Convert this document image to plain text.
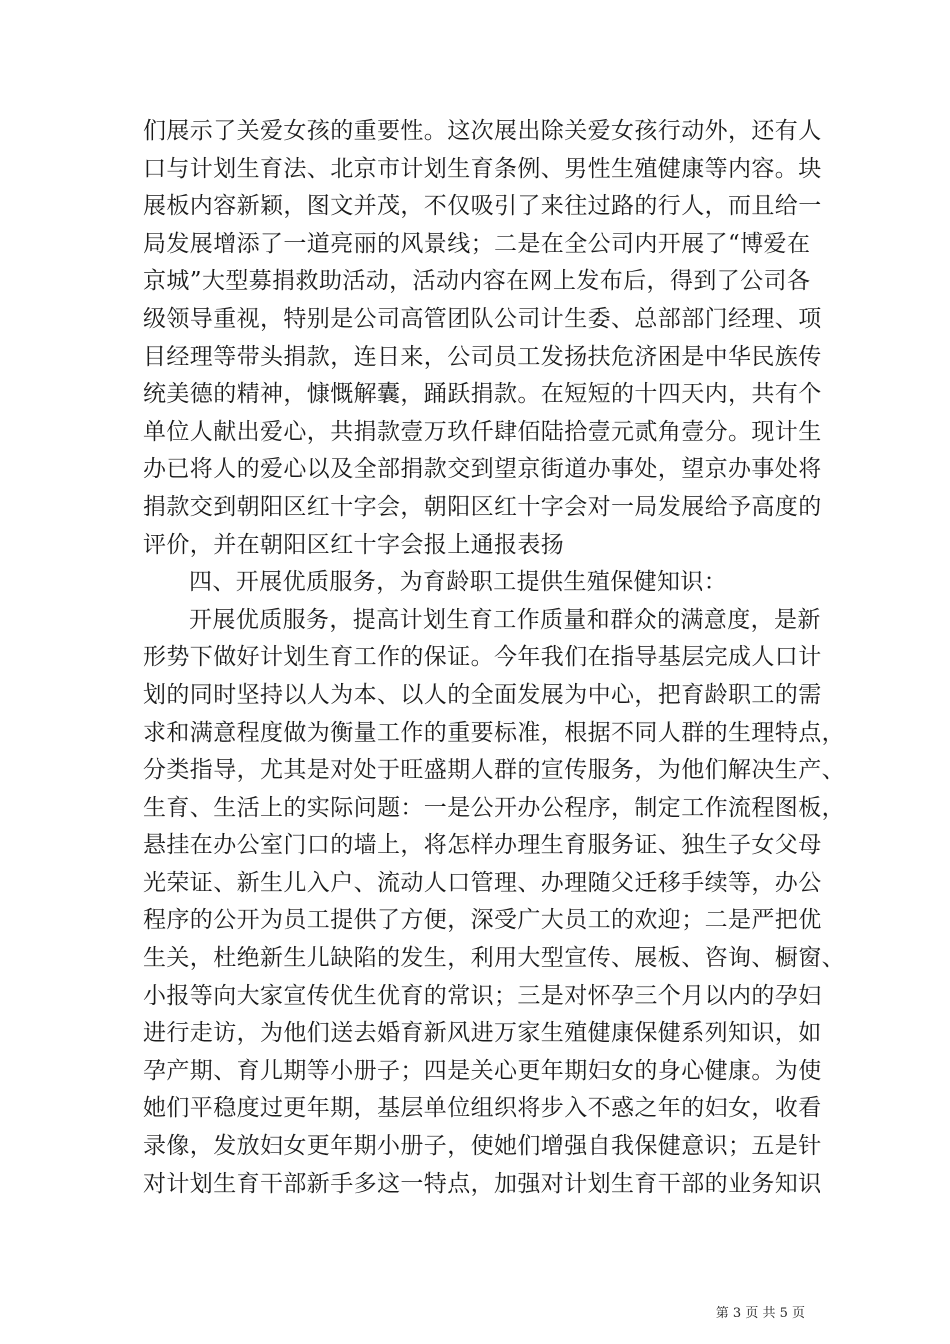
们展示了关爱女孩的重要性。这次展出除关爱女孩行动外，还有人
口与计划生育法、北京市计划生育条例、男性生殖健康等内容。块
展板内容新颖，图文并茂，不仅吸引了来往过路的行人，而且给一
局发展增添了一道亮丽的风景线；二是在全公司内开展了“博爱在
京城”大型募捐救助活动，活动内容在网上发布后，得到了公司各
级领导重视，特别是公司高管团队公司计生委、总部部门经理、项
目经理等带头捐款，连日来，公司员工发扬扶危济困是中华民族传
统美德的精神，慷慨解囊，踊跃捐款。在短短的十四天内，共有个
单位人献出爱心，共捐款壹万玖仟肆佰陆拾壹元贰角壹分。现计生
办已将人的爱心以及全部捐款交到望京街道办事处，望京办事处将
捐款交到朝阳区红十字会，朝阳区红十字会对一局发展给予高度的
评价，并在朝阳区红十字会报上通报表扬
四、开展优质服务，为育龄职工提供生殖保健知识：
开展优质服务，提高计划生育工作质量和群众的满意度，是新
形势下做好计划生育工作的保证。今年我们在指导基层完成人口计
划的同时坚持以人为本、以人的全面发展为中心，把育龄职工的需
求和满意程度做为衡量工作的重要标准，根据不同人群的生理特点，
分类指导，尤其是对处于旺盛期人群的宣传服务，为他们解决生产、
生育、生活上的实际问题：一是公开办公程序，制定工作流程图板，
悬挂在办公室门口的墙上，将怎样办理生育服务证、独生子女父母
光荣证、新生儿入户、流动人口管理、办理随父迁移手续等，办公
程序的公开为员工提供了方便，深受广大员工的欢迎；二是严把优
生关，杜绝新生儿缺陷的发生，利用大型宣传、展板、咨询、橱窗、
小报等向大家宣传优生优育的常识；三是对怀孕三个月以内的孕妇
进行走访，为他们送去婚育新风进万家生殖健康保健系列知识，如
孕产期、育儿期等小册子；四是关心更年期妇女的身心健康。为使
她们平稳度过更年期，基层单位组织将步入不惑之年的妇女，收看
录像，发放妇女更年期小册子，使她们增强自我保健意识；五是针
对计划生育干部新手多这一特点，加强对计划生育干部的业务知识
第 3 页 共 5 页
